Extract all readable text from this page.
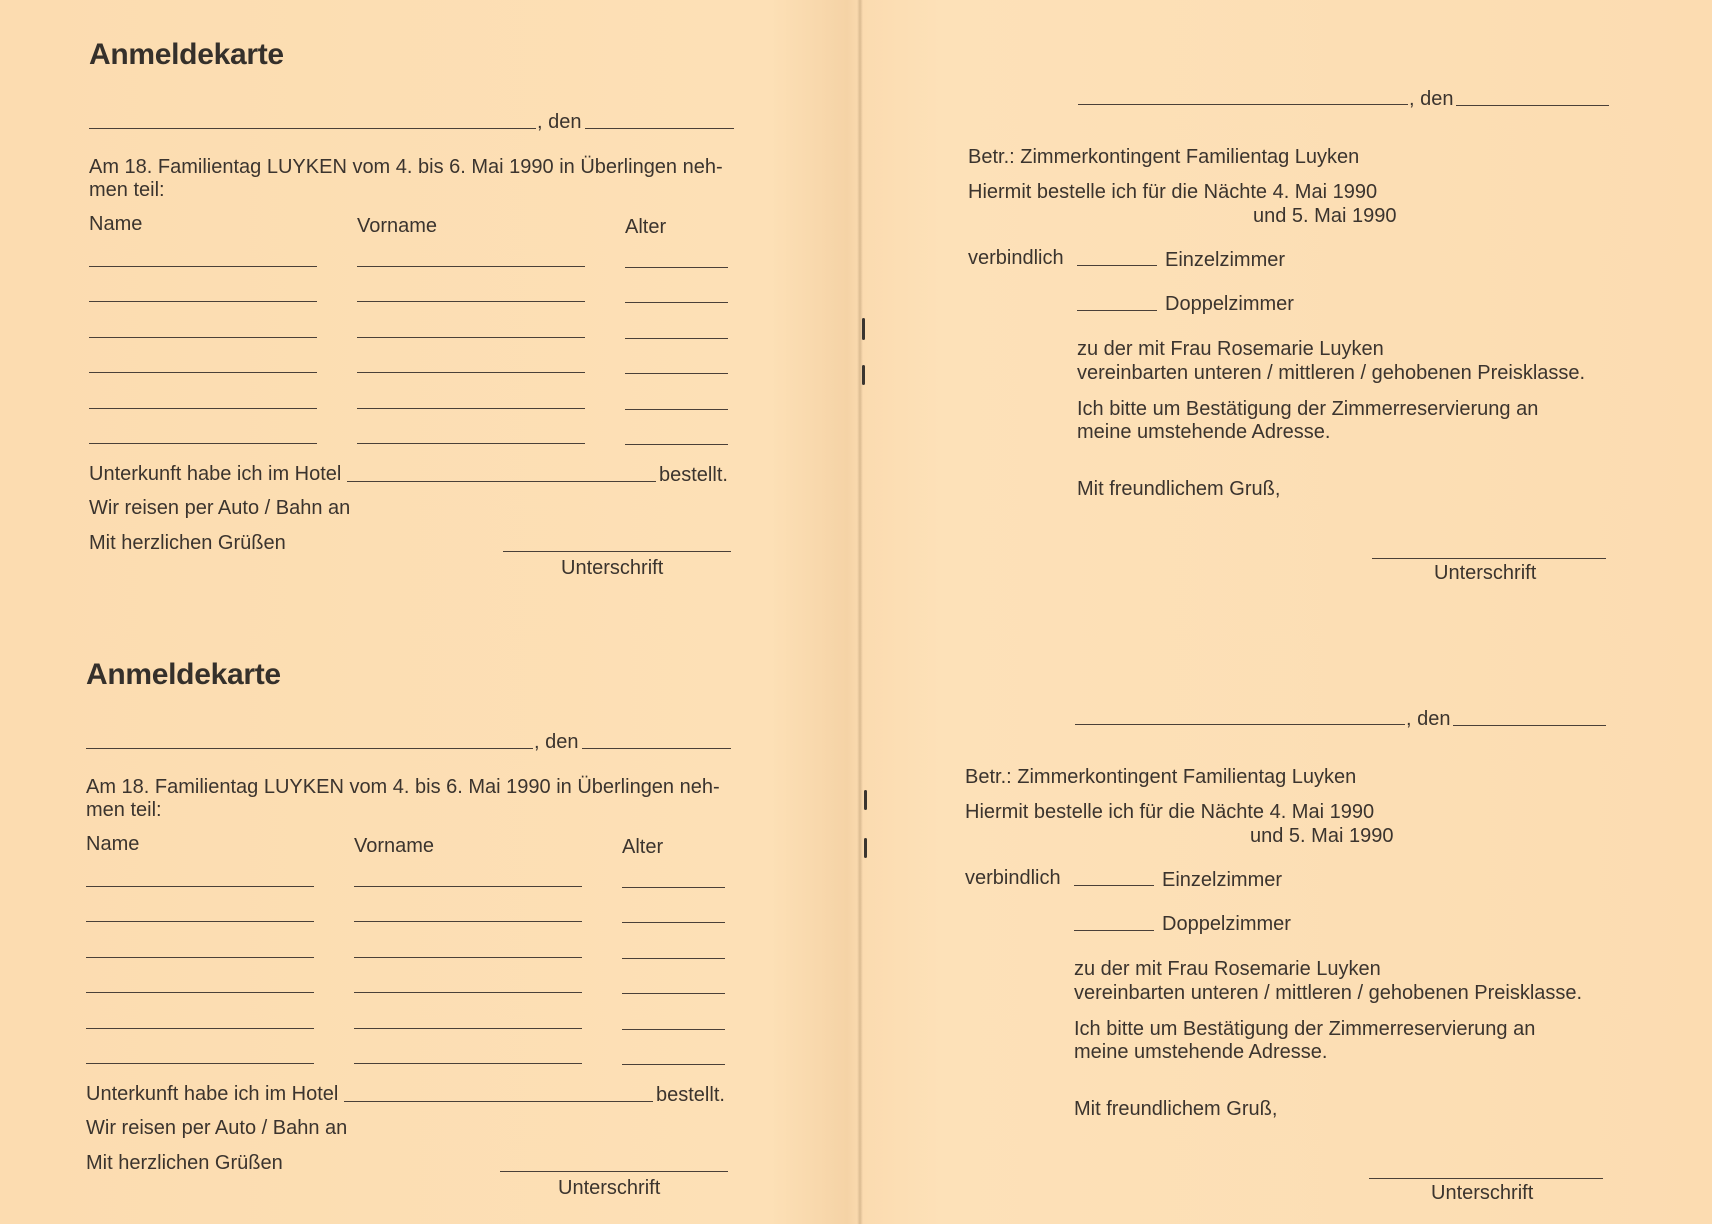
Anmeldekarte
, den
Am 18. Familientag LUYKEN vom 4. bis 6. Mai 1990 in Überlingen neh-
men teil:
Name	Vorname	Alter
Unterkunft habe ich im Hotel	bestellt.
Wir reisen per Auto / Bahn an
Mit herzlichen Grüßen
Unterschrift
Anmeldekarte
, den
Am 18. Familientag LUYKEN vom 4. bis 6. Mai 1990 in Überlingen neh-
men teil:
Name	Vorname	Alter
Unterkunft habe ich im Hotel	bestellt.
Wir reisen per Auto / Bahn an
Mit herzlichen Grüßen
Unterschrift
, den
Betr.: Zimmerkontingent Familientag Luyken
Hiermit bestelle ich für die Nächte 4. Mai 1990
und 5. Mai 1990
verbindlich	Einzelzimmer
Doppelzimmer
zu der mit Frau Rosemarie Luyken
vereinbarten unteren / mittleren / gehobenen Preisklasse.
Ich bitte um Bestätigung der Zimmerreservierung an
meine umstehende Adresse.
Mit freundlichem Gruß,
Unterschrift
, den
Betr.: Zimmerkontingent Familientag Luyken
Hiermit bestelle ich für die Nächte 4. Mai 1990
und 5. Mai 1990
verbindlich	Einzelzimmer
Doppelzimmer
zu der mit Frau Rosemarie Luyken
vereinbarten unteren / mittleren / gehobenen Preisklasse.
Ich bitte um Bestätigung der Zimmerreservierung an
meine umstehende Adresse.
Mit freundlichem Gruß,
Unterschrift
